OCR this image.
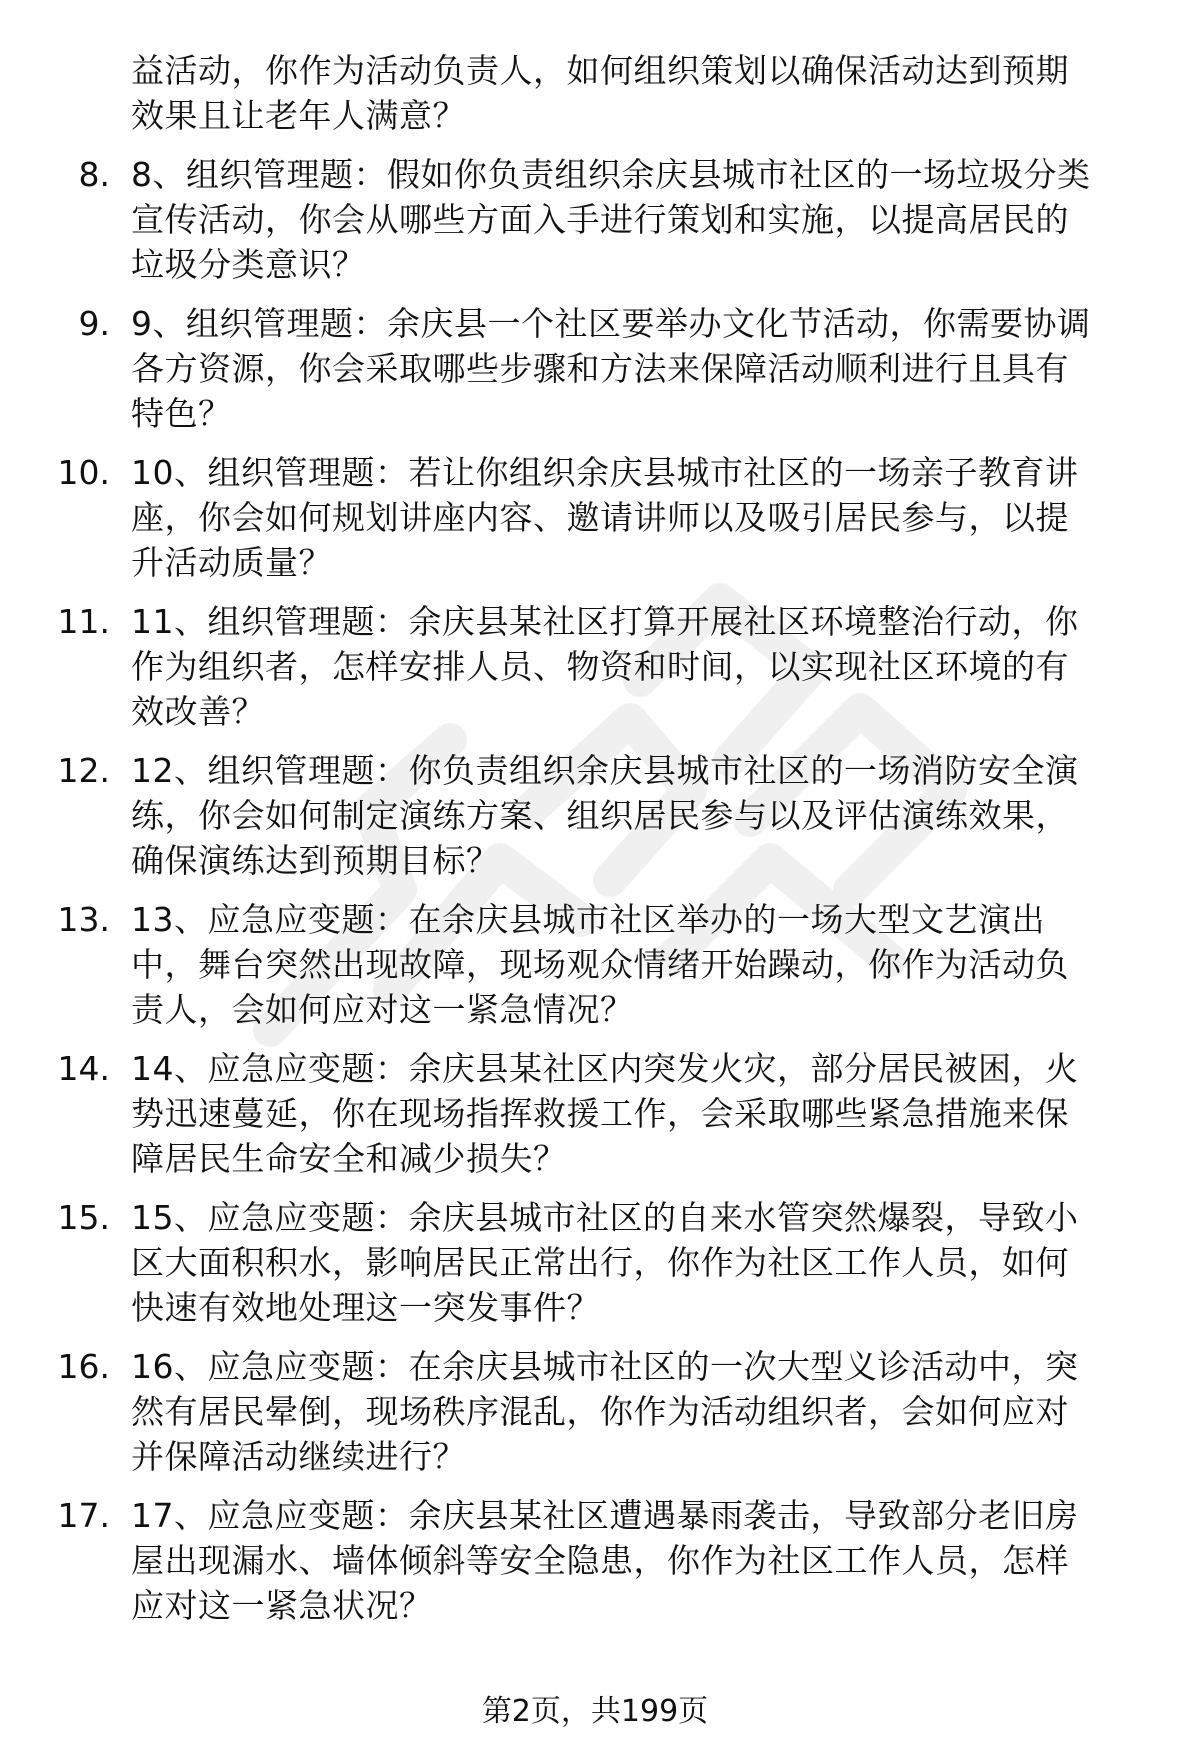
益活动，你作为活动负责人，如何组织策划以确保活动达到预期
效果且让老年人满意？
8. 8、组织管理题：假如你负责组织余庆县城市社区的一场垃圾分类
宣传活动，你会从哪些方面入手进行策划和实施，以提高居民的
垃圾分类意识？
9. 9、组织管理题：余庆县一个社区要举办文化节活动，你需要协调
各方资源，你会采取哪些步骤和方法来保障活动顺利进行且具有
特色？
10. 10、组织管理题：若让你组织余庆县城市社区的一场亲子教育讲
座，你会如何规划讲座内容、邀请讲师以及吸引居民参与，以提
升活动质量？
11. 11、组织管理题：余庆县某社区打算开展社区环境整治行动，你
作为组织者，怎样安排人员、物资和时间，以实现社区环境的有
效改善？
12. 12、组织管理题：你负责组织余庆县城市社区的一场消防安全演
练，你会如何制定演练方案、组织居民参与以及评估演练效果，
确保演练达到预期目标？
13. 13、应急应变题：在余庆县城市社区举办的一场大型文艺演出
中，舞台突然出现故障，现场观众情绪开始躁动，你作为活动负
责人，会如何应对这一紧急情况？
14. 14、应急应变题：余庆县某社区内突发火灾，部分居民被困，火
势迅速蔓延，你在现场指挥救援工作，会采取哪些紧急措施来保
障居民生命安全和减少损失？
15. 15、应急应变题：余庆县城市社区的自来水管突然爆裂，导致小
区大面积积水，影响居民正常出行，你作为社区工作人员，如何
快速有效地处理这一突发事件？
16. 16、应急应变题：在余庆县城市社区的一次大型义诊活动中，突
然有居民晕倒，现场秩序混乱，你作为活动组织者，会如何应对
并保障活动继续进行？
17. 17、应急应变题：余庆县某社区遭遇暴雨袭击，导致部分老旧房
屋出现漏水、墙体倾斜等安全隐患，你作为社区工作人员，怎样
应对这一紧急状况？
第2页，共199页
